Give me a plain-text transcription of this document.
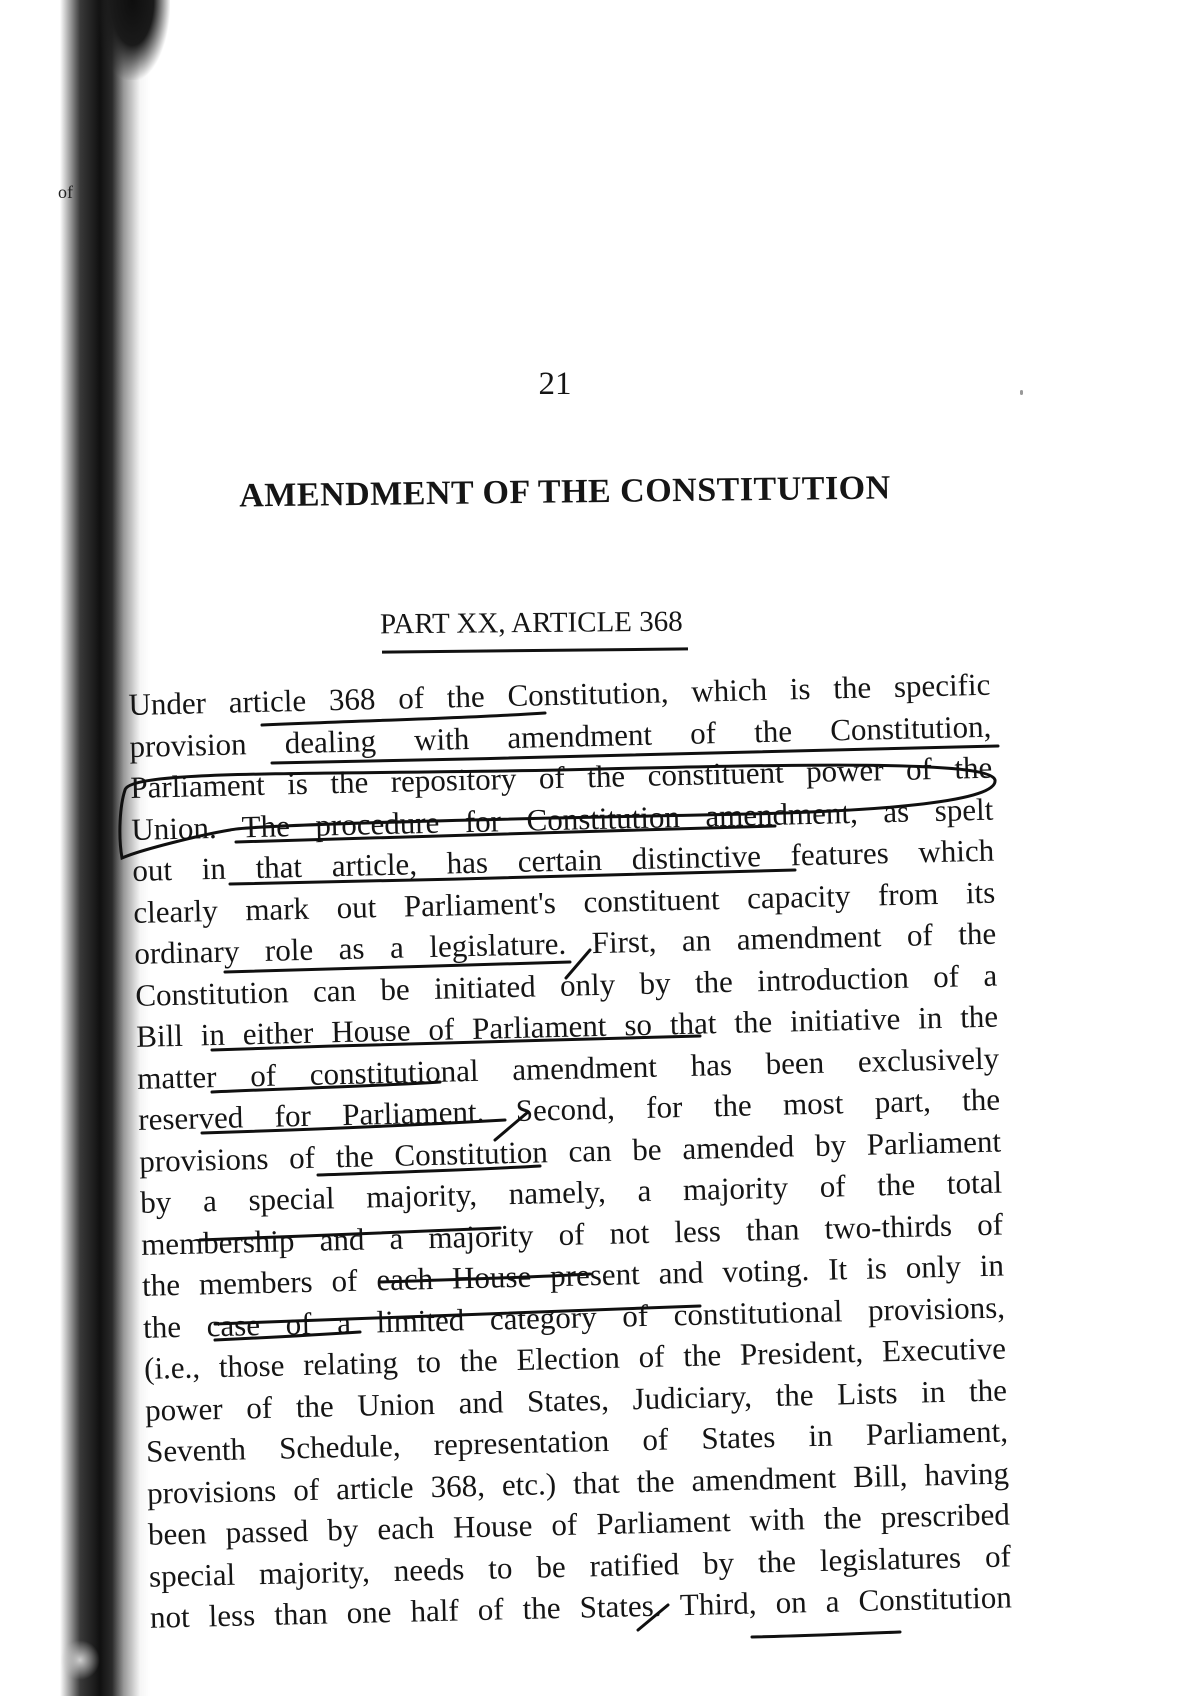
of
21
AMENDMENT OF THE CONSTITUTION
PART XX, ARTICLE 368
Under article 368 of the Constitution, which is the specific
provision dealing with amendment of the Constitution,
Parliament is the repository of the constituent power of the
Union. The procedure for Constitution amendment, as spelt
out in that article, has certain distinctive features which
clearly mark out Parliament's constituent capacity from its
ordinary role as a legislature. First, an amendment of the
Constitution can be initiated only by the introduction of a
Bill in either House of Parliament so that the initiative in the
matter of constitutional amendment has been exclusively
reserved for Parliament. Second, for the most part, the
provisions of the Constitution can be amended by Parliament
by a special majority, namely, a majority of the total
membership and a majority of not less than two-thirds of
the members of each House present and voting. It is only in
the case of a limited category of constitutional provisions,
(i.e., those relating to the Election of the President, Executive
power of the Union and States, Judiciary, the Lists in the
Seventh Schedule, representation of States in Parliament,
provisions of article 368, etc.) that the amendment Bill, having
been passed by each House of Parliament with the prescribed
special majority, needs to be ratified by the legislatures of
not less than one half of the States. Third, on a Constitution
